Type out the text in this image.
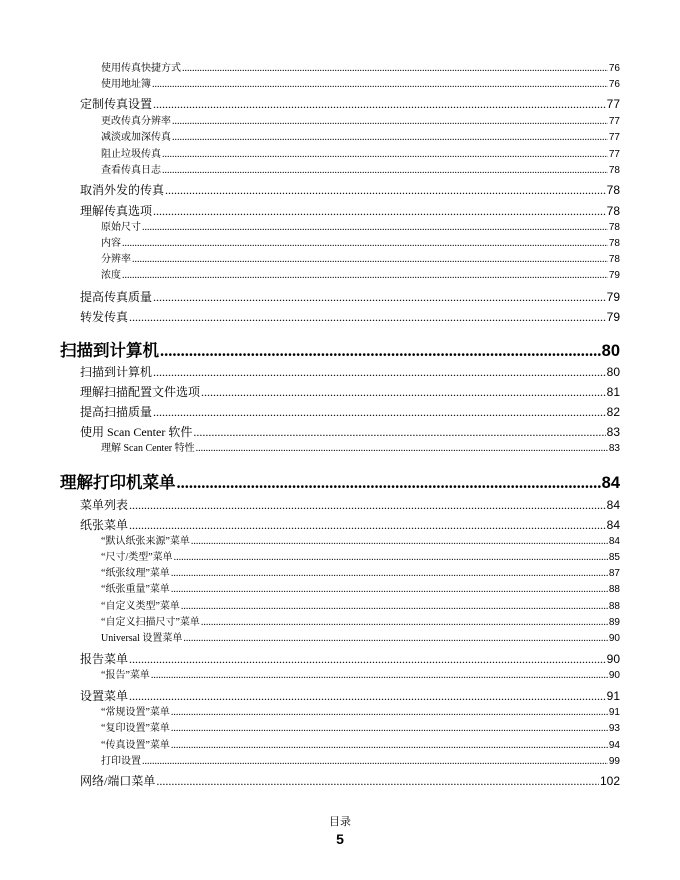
使用传真快捷方式 .....	76
使用地址簿 .....	76
定制传真设置 .....	77
更改传真分辨率 .....	77
减淡或加深传真 .....	77
阻止垃圾传真 .....	77
查看传真日志 .....	78
取消外发的传真 .....	78
理解传真选项 .....	78
原始尺寸 .....	78
内容 .....	78
分辨率 .....	78
浓度 .....	79
提高传真质量 .....	79
转发传真 .....	79
扫描到计算机 .....	80
扫描到计算机 .....	80
理解扫描配置文件选项 .....	81
提高扫描质量 .....	82
使用 Scan Center 软件 .....	83
理解 Scan Center 特性 .....	83
理解打印机菜单 .....	84
菜单列表 .....	84
纸张菜单 .....	84
“默认纸张来源”菜单 .....	84
“尺寸/类型”菜单 .....	85
“纸张纹理”菜单 .....	87
“纸张重量”菜单 .....	88
“自定义类型”菜单 .....	88
“自定义扫描尺寸”菜单 .....	89
Universal 设置菜单 .....	90
报告菜单 .....	90
“报告”菜单 .....	90
设置菜单 .....	91
“常规设置”菜单 .....	91
“复印设置”菜单 .....	93
“传真设置”菜单 .....	94
打印设置 .....	99
网络/端口菜单 .....	102
目录
5
